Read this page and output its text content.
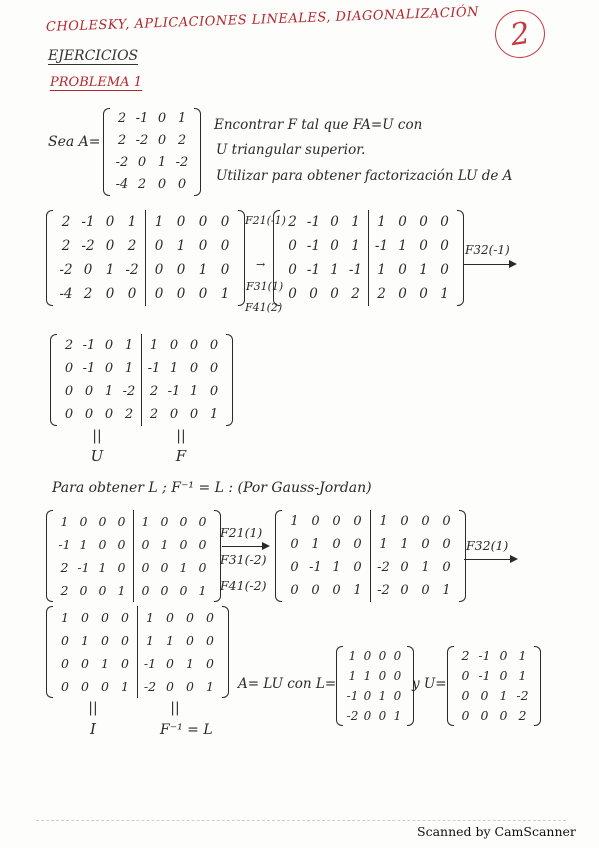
CHOLESKY, APLICACIONES LINEALES, DIAGONALIZACIÓN
EJERCICIOS
PROBLEMA 1
2
Sea A=
2 -1 0 1
2 -2 0 2
-2 0 1 -2
-4 2 0 0
Encontrar F tal que FA=U con
U triangular superior.
Utilizar para obtener factorización LU de A
2 -1 0 1
2 -2 0 2
-2 0 1 -2
-4 2 0 0
1 0 0 0
0 1 0 0
0 0 1 0
0 0 0 1
F21(-1)
→
F31(1)
F41(2)
2 -1 0 1
0 -1 0 1
0 -1 1 -1
0 0 0 2
1 0 0 0
-1 1 0 0
1 0 1 0
2 0 0 1
F32(-1)
2 -1 0 1
0 -1 0 1
0 0 1 -2
0 0 0 2
1 0 0 0
-1 1 0 0
2 -1 1 0
2 0 0 1
||
U
||
F
Para obtener L ; F⁻¹ = L : (Por Gauss-Jordan)
1 0 0 0
-1 1 0 0
2 -1 1 0
2 0 0 1
1 0 0 0
0 1 0 0
0 0 1 0
0 0 0 1
F21(1)
F31(-2)
F41(-2)
1 0 0 0
0 1 0 0
0 -1 1 0
0 0 0 1
1 0 0 0
1 1 0 0
-2 0 1 0
-2 0 0 1
F32(1)
1 0 0 0
0 1 0 0
0 0 1 0
0 0 0 1
1 0 0 0
1 1 0 0
-1 0 1 0
-2 0 0 1
||
I
||
F⁻¹ = L
A= LU con L=
1 0 0 0
1 1 0 0
-1 0 1 0
-2 0 0 1
y U=
2 -1 0 1
0 -1 0 1
0 0 1 -2
0 0 0 2
Scanned by CamScanner
